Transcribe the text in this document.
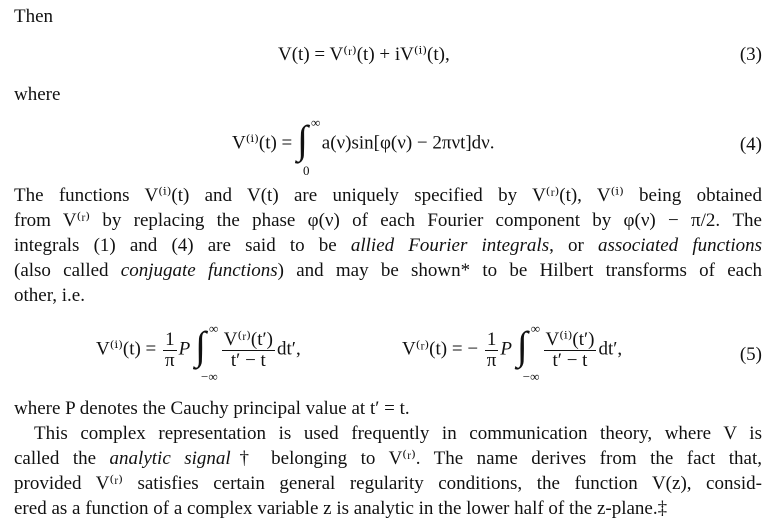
Then
V(t) = V⁽ʳ⁾(t) + iV⁽ⁱ⁾(t),	(3)
where
V⁽ⁱ⁾(t) = ∫ ∞
0
a(ν)sin[φ(ν) − 2πνt]dν.	(4)
The functions V⁽ⁱ⁾(t) and V(t) are uniquely specified by V⁽ʳ⁾(t), V⁽ⁱ⁾ being obtained
from V⁽ʳ⁾ by replacing the phase φ(ν) of each Fourier component by φ(ν) − π/2. The
integrals (1) and (4) are said to be allied Fourier integrals, or associated functions
(also called conjugate functions) and may be shown* to be Hilbert transforms of each
other, i.e.
$V^{(i)}(t) = \frac{1}{\pi}$ P ∫ ∞
−∞

$\frac{\text{V⁽ʳ⁾(t′)}}{t' - t} dt'$,	V⁽ʳ⁾(t) = − $\frac{1}{\pi}$ P ∫ ∞
−∞

$\frac{\text{V⁽ⁱ⁾(t′)}}{t' - t} dt'$,	(5)
where P denotes the Cauchy principal value at t′ = t.
This complex representation is used frequently in communication theory, where V is
called the analytic signal† belonging to V⁽ʳ⁾. The name derives from the fact that,
provided V⁽ʳ⁾ satisfies certain general regularity conditions, the function V(z), consid-
ered as a function of a complex variable z is analytic in the lower half of the z-plane.‡
